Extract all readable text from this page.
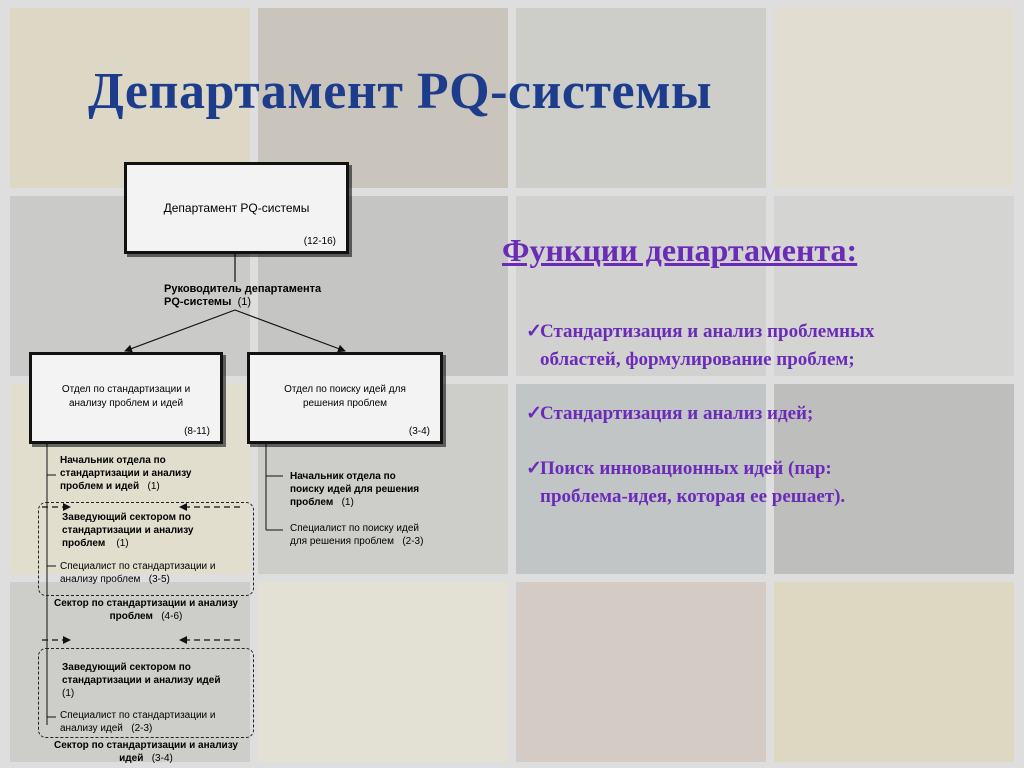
Департамент PQ-системы
Департамент PQ-системы
(12-16)
Руководитель департамента
PQ-системы (1)
Отдел по стандартизации и
анализу проблем и идей
(8-11)
Отдел по поиску идей для
решения проблем
(3-4)
Начальник отдела по
стандартизации и анализу
проблем и идей (1)
Заведующий сектором по
стандартизации и анализу
проблем (1)
Специалист по стандартизации и
анализу проблем (3-5)
Сектор по стандартизации и анализу
проблем (4-6)
Заведующий сектором по
стандартизации и анализу идей
(1)
Специалист по стандартизации и
анализу идей (2-3)
Сектор по стандартизации и анализу
идей (3-4)
Начальник отдела по
поиску идей для решения
проблем (1)
Специалист по поиску идей
для решения проблем (2-3)
Функции департамента:
✓Стандартизация и анализ проблемных
областей, формулирование проблем;
✓Стандартизация и анализ идей;
✓Поиск инновационных идей (пар:
проблема-идея, которая ее решает).
